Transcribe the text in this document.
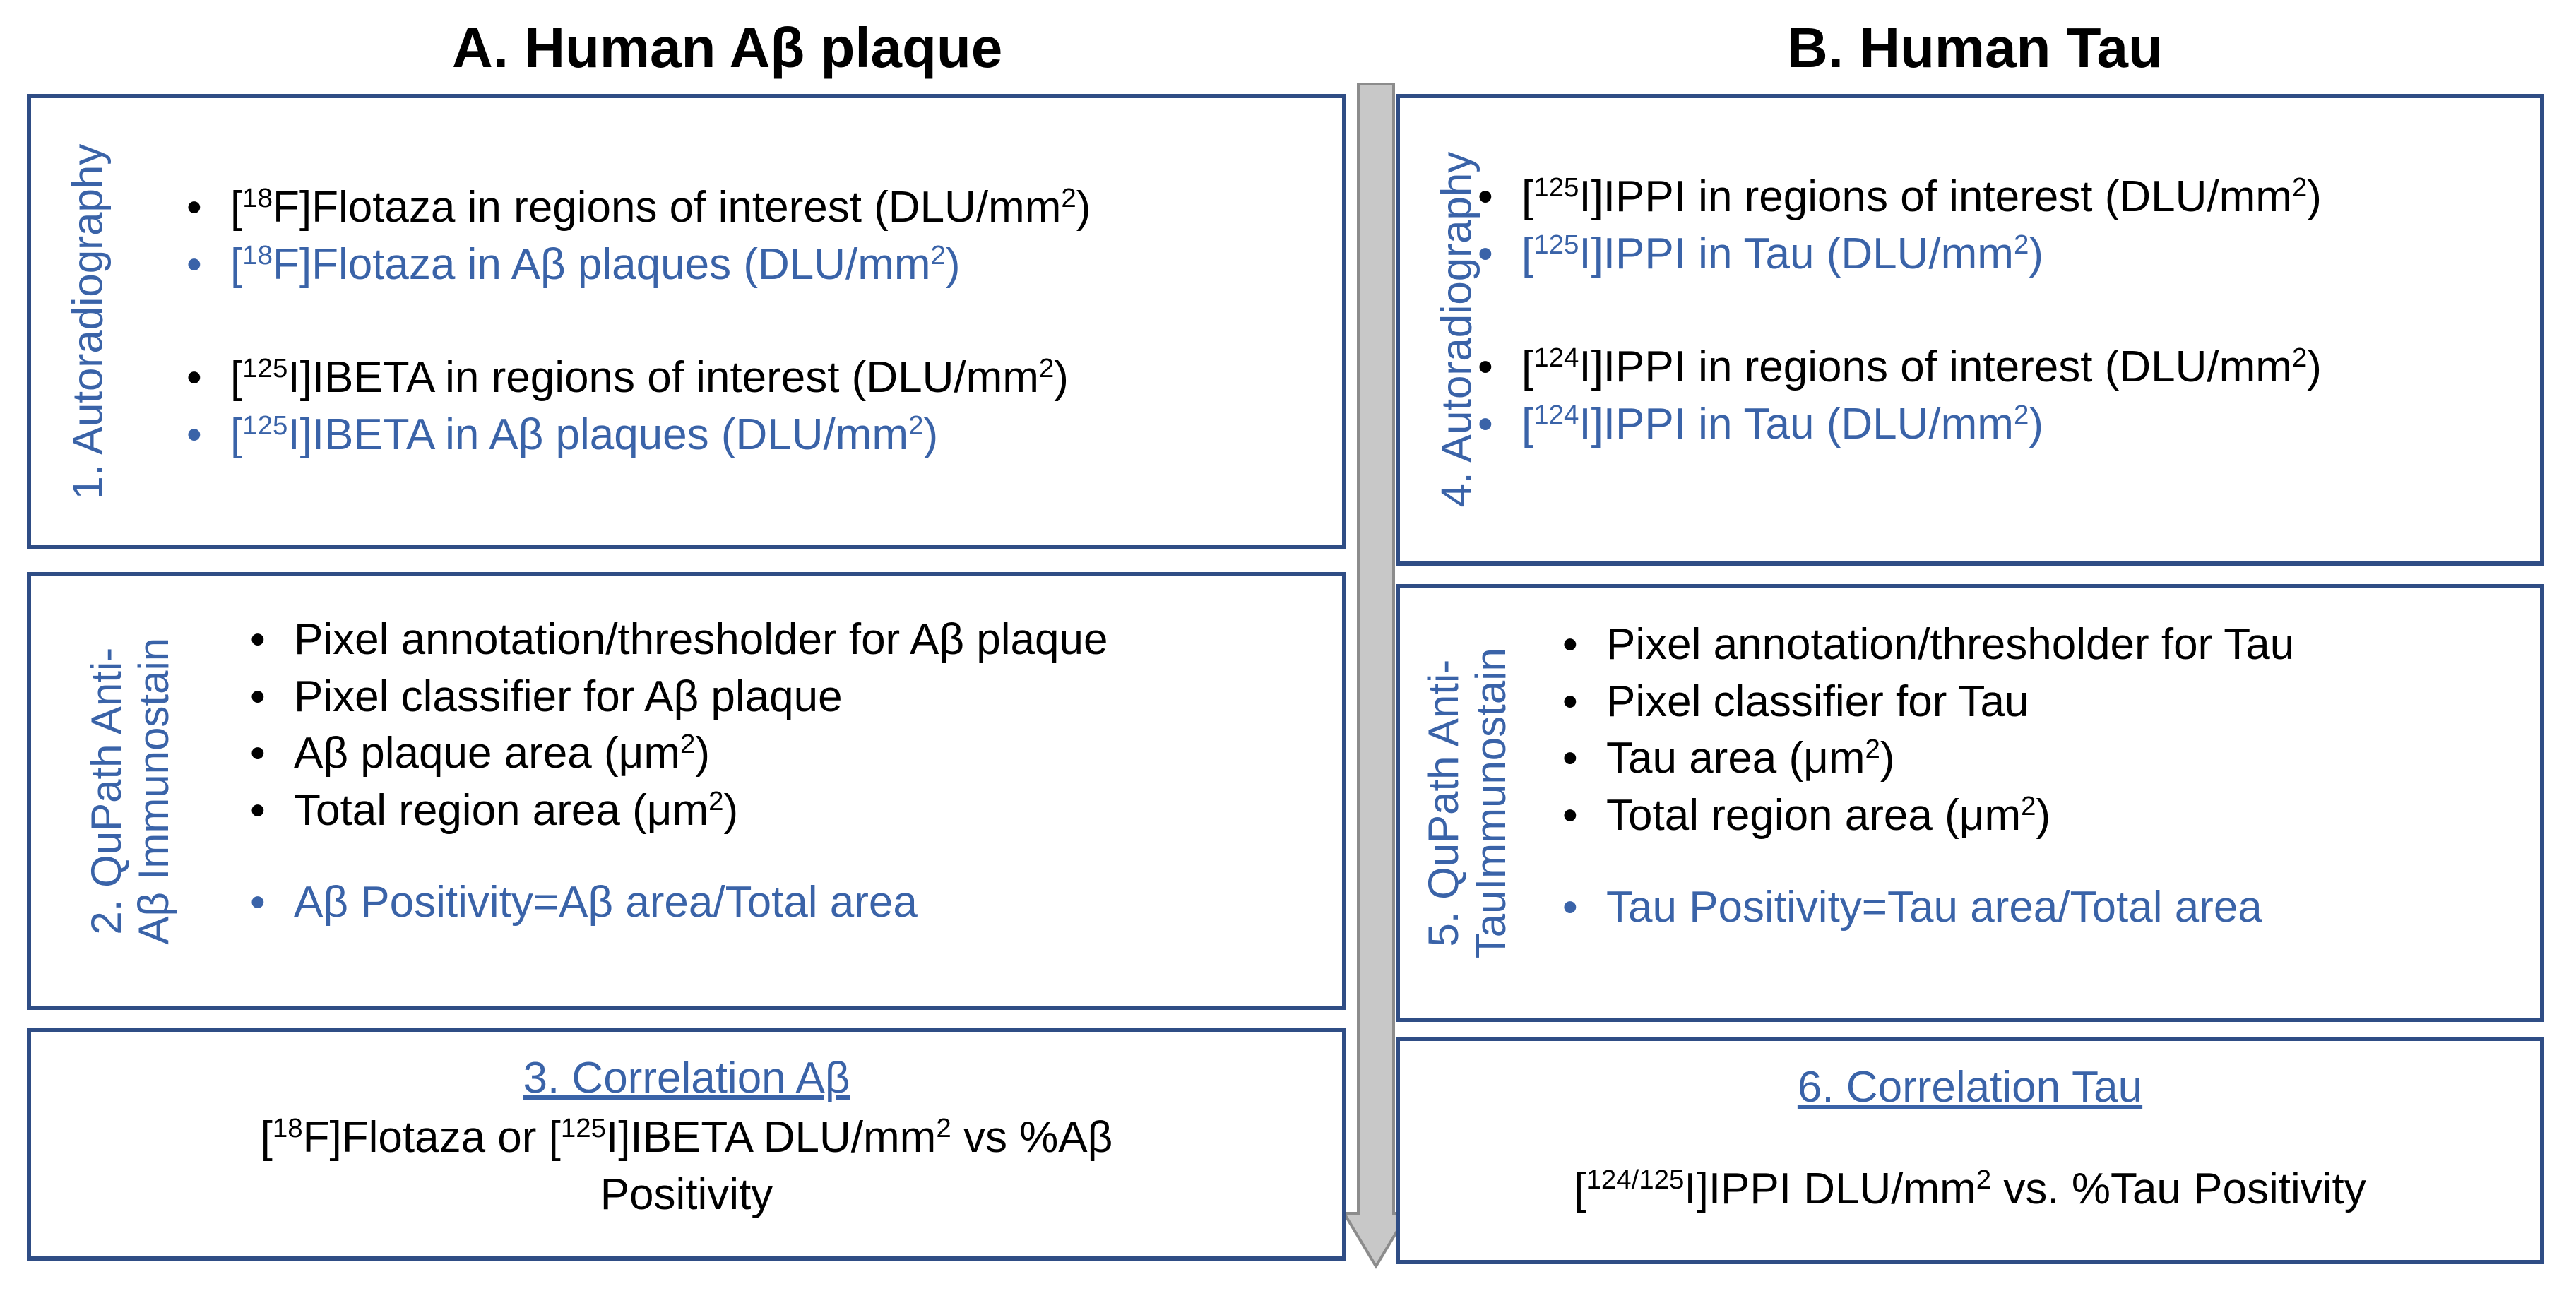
A. Human Aβ plaque	B. Human Tau
1. Autoradiography • [$^{18}$F]Flotaza in regions of interest $(DLU/mm^2)$
• [$^{18}$F]Flotaza in Aβ plaques $(DLU/mm^2)$
• [$^{125}$I]IBETA in regions of interest $(DLU/mm^2)$
• [$^{125}$I]IBETA in Aβ plaques $(DLU/mm^2)$
2. QuPath Anti-
Aβ Immunostain • Pixel annotation/thresholder for Aβ plaque
• Pixel classifier for Aβ plaque
• Aβ plaque area $(\mu m^2)$
• Total region area $(\mu m^2)$
• Aβ Positivity=Aβ area/Total area
3. Correlation Aβ
[$^{18}$F]Flotaza or [$^{125}$I]IBETA DLU/$mm^2$ vs %Aβ
Positivity
4. Autoradiography
• [$^{125}$I]IPPI in regions of interest $(DLU/mm^2)$
• [$^{125}$I]IPPI in Tau $(DLU/mm^2)$
• [$^{124}$I]IPPI in regions of interest $(DLU/mm^2)$
• [$^{124}$I]IPPI in Tau $(DLU/mm^2)$
5. QuPath Anti-
TauImmunostain
• Pixel annotation/thresholder for Tau
• Pixel classifier for Tau
• Tau area $(\mu m^2)$
• Total region area $(\mu m^2)$
• Tau Positivity=Tau area/Total area
6. Correlation Tau
[$^{124/125}$I]IPPI DLU/$mm^2$ vs. %Tau Positivity
